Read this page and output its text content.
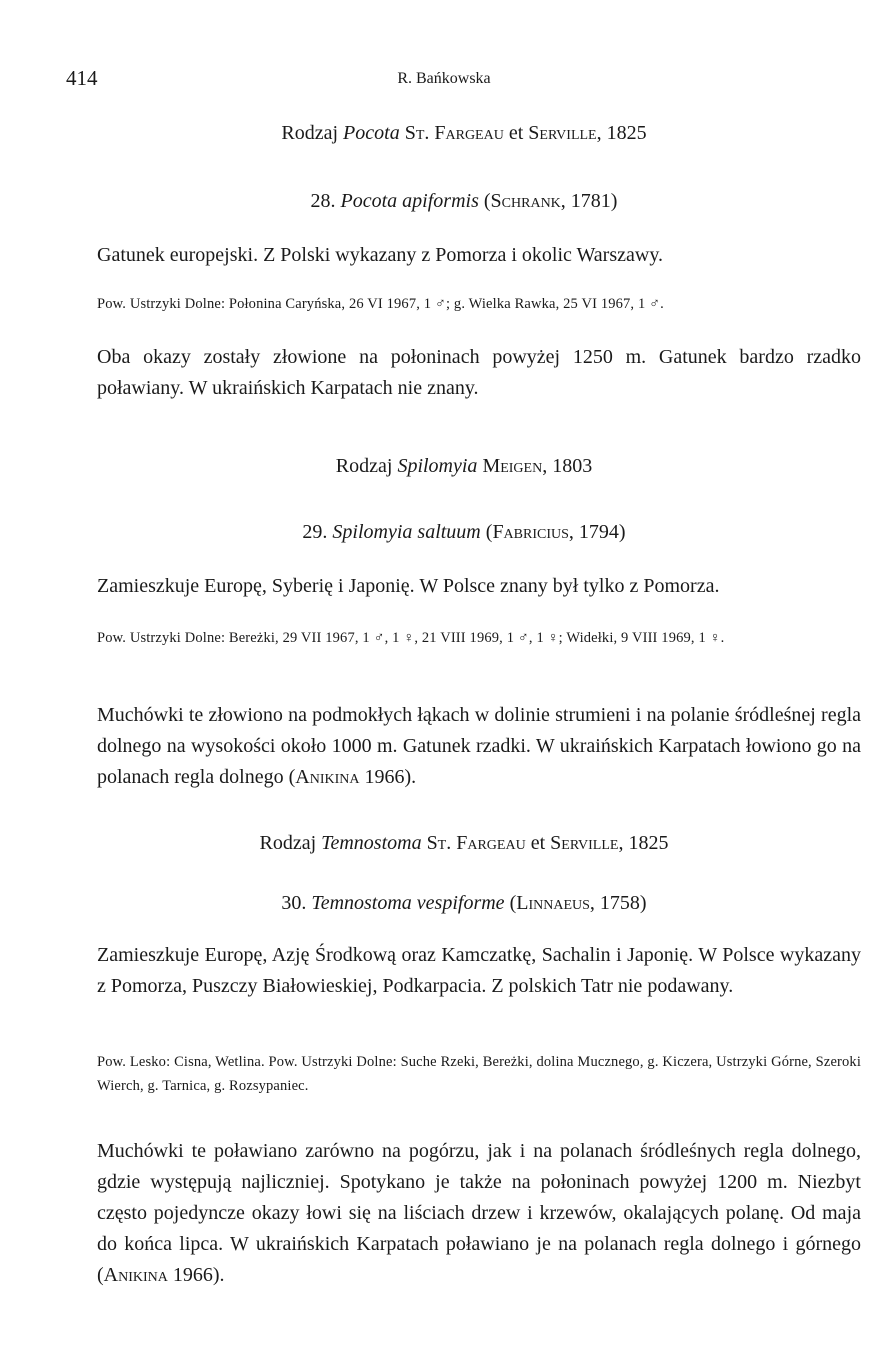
414	R. Bańkowska
Rodzaj Pocota St. Fargeau et Serville, 1825
28. Pocota apiformis (Schrank, 1781)
Gatunek europejski. Z Polski wykazany z Pomorza i okolic Warszawy.
Pow. Ustrzyki Dolne: Połonina Caryńska, 26 VI 1967, 1 ♂; g. Wielka Rawka, 25 VI 1967, 1 ♂.
Oba okazy zostały złowione na połoninach powyżej 1250 m. Gatunek bardzo rzadko poławiany. W ukraińskich Karpatach nie znany.
Rodzaj Spilomyia Meigen, 1803
29. Spilomyia saltuum (Fabricius, 1794)
Zamieszkuje Europę, Syberię i Japonię. W Polsce znany był tylko z Pomorza.
Pow. Ustrzyki Dolne: Bereżki, 29 VII 1967, 1 ♂, 1 ♀, 21 VIII 1969, 1 ♂, 1 ♀; Widełki, 9 VIII 1969, 1 ♀.
Muchówki te złowiono na podmokłych łąkach w dolinie strumieni i na polanie śródleśnej regla dolnego na wysokości około 1000 m. Gatunek rzadki. W ukraińskich Karpatach łowiono go na polanach regla dolnego (Anikina 1966).
Rodzaj Temnostoma St. Fargeau et Serville, 1825
30. Temnostoma vespiforme (Linnaeus, 1758)
Zamieszkuje Europę, Azję Środkową oraz Kamczatkę, Sachalin i Japonię. W Polsce wykazany z Pomorza, Puszczy Białowieskiej, Podkarpacia. Z polskich Tatr nie podawany.
Pow. Lesko: Cisna, Wetlina. Pow. Ustrzyki Dolne: Suche Rzeki, Bereżki, dolina Mucznego, g. Kiczera, Ustrzyki Górne, Szeroki Wierch, g. Tarnica, g. Rozsypaniec.
Muchówki te poławiano zarówno na pogórzu, jak i na polanach śródleśnych regla dolnego, gdzie występują najliczniej. Spotykano je także na połoninach powyżej 1200 m. Niezbyt często pojedyncze okazy łowi się na liściach drzew i krzewów, okalających polanę. Od maja do końca lipca. W ukraińskich Karpatach poławiano je na polanach regla dolnego i górnego (Anikina 1966).
